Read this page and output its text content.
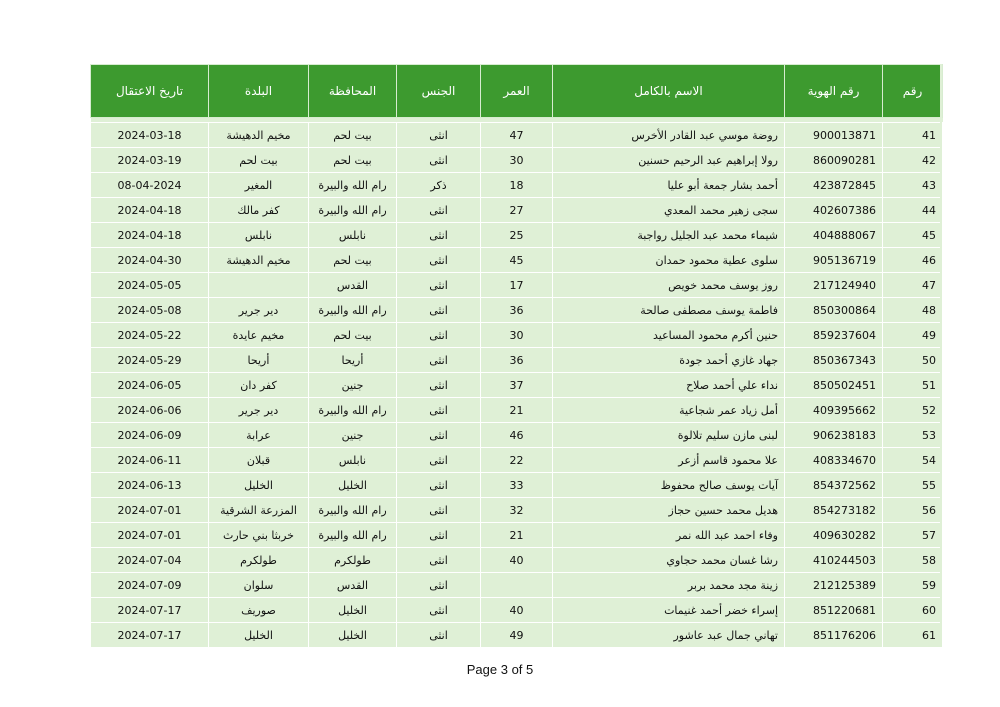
رقم	رقم الهوية	الاسم بالكامل	العمر	الجنس	المحافظة	البلدة	تاريخ الاعتقال

41	900013871	روضة موسي عبد القادر الأخرس	47	انثى	بيت لحم	مخيم الدهيشة	2024-03-18
42	860090281	رولا إبراهيم عبد الرحيم حسنين	30	انثى	بيت لحم	بيت لحم	2024-03-19
43	423872845	أحمد بشار جمعة أبو عليا	18	ذكر	رام الله والبيرة	المغير	08-04-2024
44	402607386	سجى زهير محمد المعدي	27	انثى	رام الله والبيرة	كفر مالك	2024-04-18
45	404888067	شيماء محمد عبد الجليل رواجبة	25	انثى	نابلس	نابلس	2024-04-18
46	905136719	سلوى عطية محمود حمدان	45	انثى	بيت لحم	مخيم الدهيشة	2024-04-30
47	217124940	روز يوسف محمد خويص	17	انثى	القدس		2024-05-05
48	850300864	فاطمة يوسف مصطفى صالحة	36	انثى	رام الله والبيرة	دير جرير	2024-05-08
49	859237604	حنين أكرم محمود المساعيد	30	انثى	بيت لحم	مخيم عايدة	2024-05-22
50	850367343	جهاد غازي أحمد جودة	36	انثى	أريحا	أريحا	2024-05-29
51	850502451	نداء علي أحمد صلاح	37	انثى	جنين	كفر دان	2024-06-05
52	409395662	أمل زياد عمر شجاعية	21	انثى	رام الله والبيرة	دير جرير	2024-06-06
53	906238183	لبنى مازن سليم تلالوة	46	انثى	جنين	عرابة	2024-06-09
54	408334670	علا محمود قاسم أزعر	22	انثى	نابلس	قبلان	2024-06-11
55	854372562	آيات يوسف صالح محفوظ	33	انثى	الخليل	الخليل	2024-06-13
56	854273182	هديل محمد حسين حجاز	32	انثى	رام الله والبيرة	المزرعة الشرقية	2024-07-01
57	409630282	وفاء احمد عبد الله نمر	21	انثى	رام الله والبيرة	خربثا بني حارث	2024-07-01
58	410244503	رشا غسان محمد حجاوي	40	انثى	طولكرم	طولكرم	2024-07-04
59	212125389	زينة مجد محمد بربر		انثى	القدس	سلوان	2024-07-09
60	851220681	إسراء خضر أحمد غنيمات	40	انثى	الخليل	صوريف	2024-07-17
61	851176206	تهاني جمال عبد عاشور	49	انثى	الخليل	الخليل	2024-07-17
Page 3 of 5
